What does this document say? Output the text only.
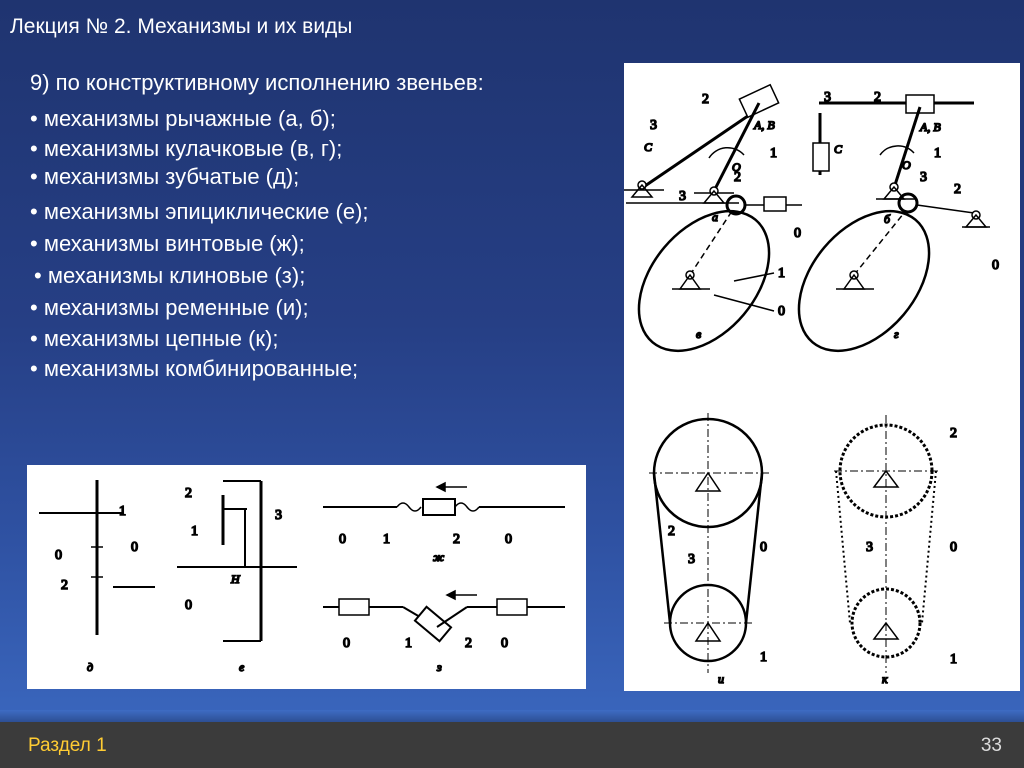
Лекция № 2. Механизмы и их виды
9) по конструктивному исполнению звеньев:
• механизмы рычажные (а, б);
• механизмы кулачковые (в, г);
• механизмы зубчатые (д);
• механизмы эпициклические (е);
• механизмы винтовые (ж);
• механизмы клиновые (з);
• механизмы ременные (и);
• механизмы цепные (к);
• механизмы комбинированные;
2
3
C
A, B
1
O
2
3
0
а
3	2
C
A, B
1
O
3
2
0
б
1
0
в	г
2
0
3
1
и
2
3	0
1
к
1
0
0
2
д
2
3
1
H
0
е
0	1	2	0
ж
0	1	2 0
з
Раздел 1	33
